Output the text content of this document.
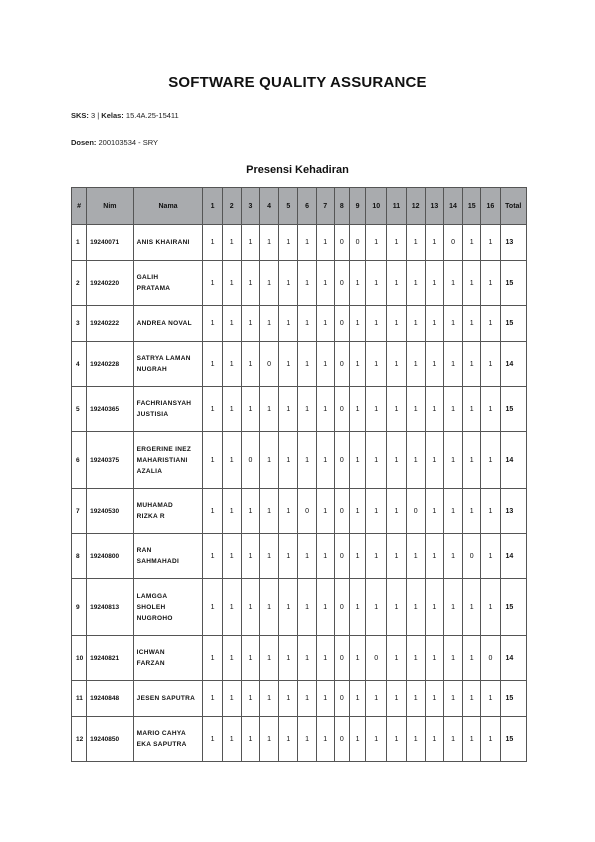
SOFTWARE QUALITY ASSURANCE
SKS: 3 | Kelas: 15.4A.25-15411
Dosen: 200103534 - SRY
Presensi Kehadiran
#	Nim	Nama	1	2	3	4	5	6	7	8	9	10	11	12	13	14	15	16	Total
1	19240071	ANIS KHAIRANI	1	1	1	1	1	1	1	0	0	1	1	1	1	0	1	1	13
2	19240220	GALIH
PRATAMA	1	1	1	1	1	1	1	0	1	1	1	1	1	1	1	1	15
3	19240222	ANDREA NOVAL	1	1	1	1	1	1	1	0	1	1	1	1	1	1	1	1	15
4	19240228	SATRYA LAMAN
NUGRAH	1	1	1	0	1	1	1	0	1	1	1	1	1	1	1	1	14
5	19240365	FACHRIANSYAH
JUSTISIA	1	1	1	1	1	1	1	0	1	1	1	1	1	1	1	1	15
6	19240375	ERGERINE INEZ
MAHARISTIANI
AZALIA	1	1	0	1	1	1	1	0	1	1	1	1	1	1	1	1	14
7	19240530	MUHAMAD
RIZKA R	1	1	1	1	1	0	1	0	1	1	1	0	1	1	1	1	13
8	19240800	RAN
SAHMAHADI	1	1	1	1	1	1	1	0	1	1	1	1	1	1	0	1	14
9	19240813	LAMGGA
SHOLEH
NUGROHO	1	1	1	1	1	1	1	0	1	1	1	1	1	1	1	1	15
10	19240821	ICHWAN
FARZAN	1	1	1	1	1	1	1	0	1	0	1	1	1	1	1	0	14
11	19240848	JESEN SAPUTRA	1	1	1	1	1	1	1	0	1	1	1	1	1	1	1	1	15
12	19240850	MARIO CAHYA
EKA SAPUTRA	1	1	1	1	1	1	1	0	1	1	1	1	1	1	1	1	15
